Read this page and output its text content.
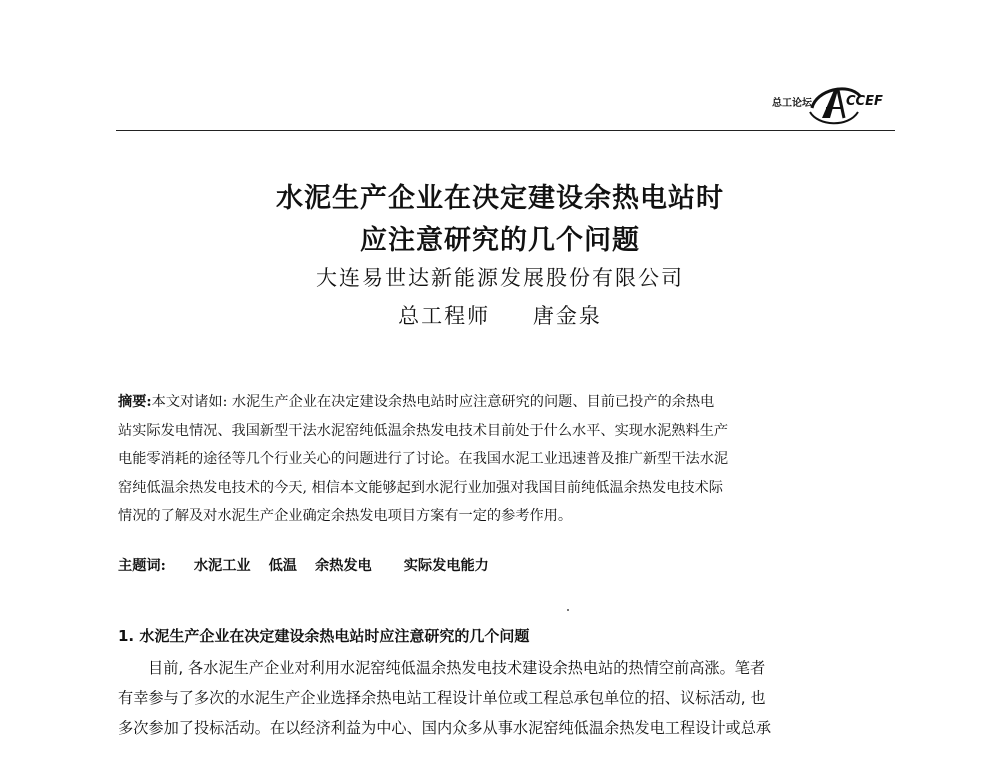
总工论坛	CCEF
水泥生产企业在决定建设余热电站时
应注意研究的几个问题
大连易世达新能源发展股份有限公司
总工程师 唐金泉
摘要:本文对诸如: 水泥生产企业在决定建设余热电站时应注意研究的问题、目前已投产的余热电
站实际发电情况、我国新型干法水泥窑纯低温余热发电技术目前处于什么水平、实现水泥熟料生产
电能零消耗的途径等几个行业关心的问题进行了讨论。在我国水泥工业迅速普及推广新型干法水泥
窑纯低温余热发电技术的今天, 相信本文能够起到水泥行业加强对我国目前纯低温余热发电技术际
情况的了解及对水泥生产企业确定余热发电项目方案有一定的参考作用。
主题词: 水泥工业 低温 余热发电 实际发电能力
1. 水泥生产企业在决定建设余热电站时应注意研究的几个问题
目前, 各水泥生产企业对利用水泥窑纯低温余热发电技术建设余热电站的热情空前高涨。笔者
有幸参与了多次的水泥生产企业选择余热电站工程设计单位或工程总承包单位的招、议标活动, 也
多次参加了投标活动。在以经济利益为中心、国内众多从事水泥窑纯低温余热发电工程设计或总承
